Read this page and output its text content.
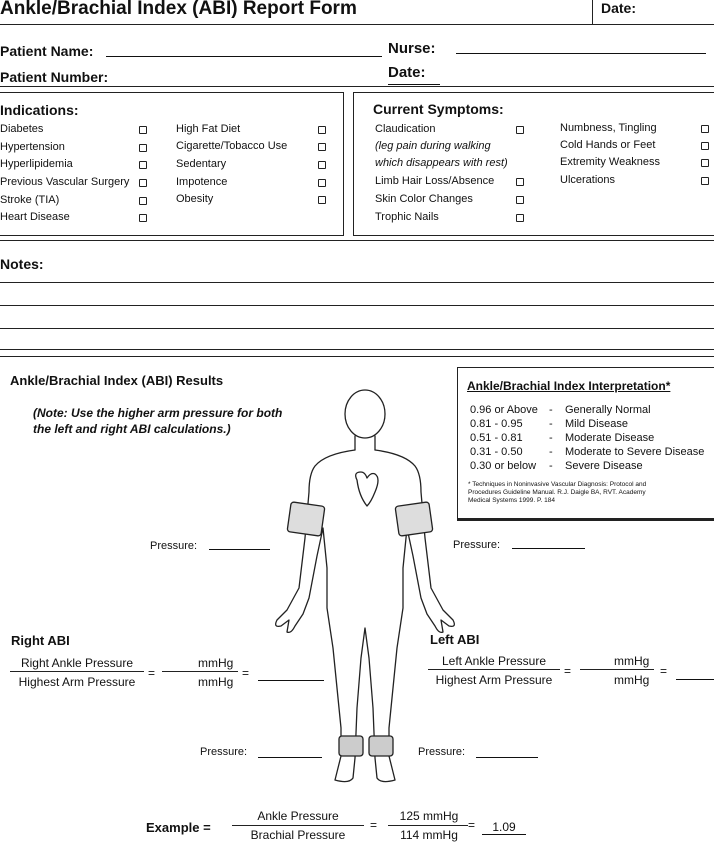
Ankle/Brachial Index (ABI) Report Form	Date:
Patient Name:
Patient Number:
Nurse:
Date:
Indications:
Diabetes
Hypertension
Hyperlipidemia
Previous Vascular Surgery
Stroke (TIA)
Heart Disease
High Fat Diet
Cigarette/Tobacco Use
Sedentary
Impotence
Obesity
Current Symptoms:
Claudication
(leg pain during walking
which disappears with rest)
Limb Hair Loss/Absence
Skin Color Changes
Trophic Nails
Numbness, Tingling
Cold Hands or Feet
Extremity Weakness
Ulcerations
Notes:
Ankle/Brachial Index (ABI) Results
(Note: Use the higher arm pressure for both
the left and right ABI calculations.)
Ankle/Brachial Index Interpretation*
0.96 or Above - Generally Normal
0.81 - 0.95 - Mild Disease
0.51 - 0.81 - Moderate Disease
0.31 - 0.50 - Moderate to Severe Disease
0.30 or below - Severe Disease
* Techniques in Noninvasive Vascular Diagnosis: Protocol and
Procedures Guideline Manual. R.J. Daigle BA, RVT. Academy
Medical Systems 1999. P. 184
Pressure:	Pressure:
Pressure:	Pressure:
Right ABI
Right Ankle Pressure
Highest Arm Pressure
=
mmHg
mmHg
=
Left ABI
Left Ankle Pressure
Highest Arm Pressure
=
mmHg
mmHg
=
Example =
Ankle Pressure
Brachial Pressure
=
125 mmHg
114 mmHg
=	1.09
